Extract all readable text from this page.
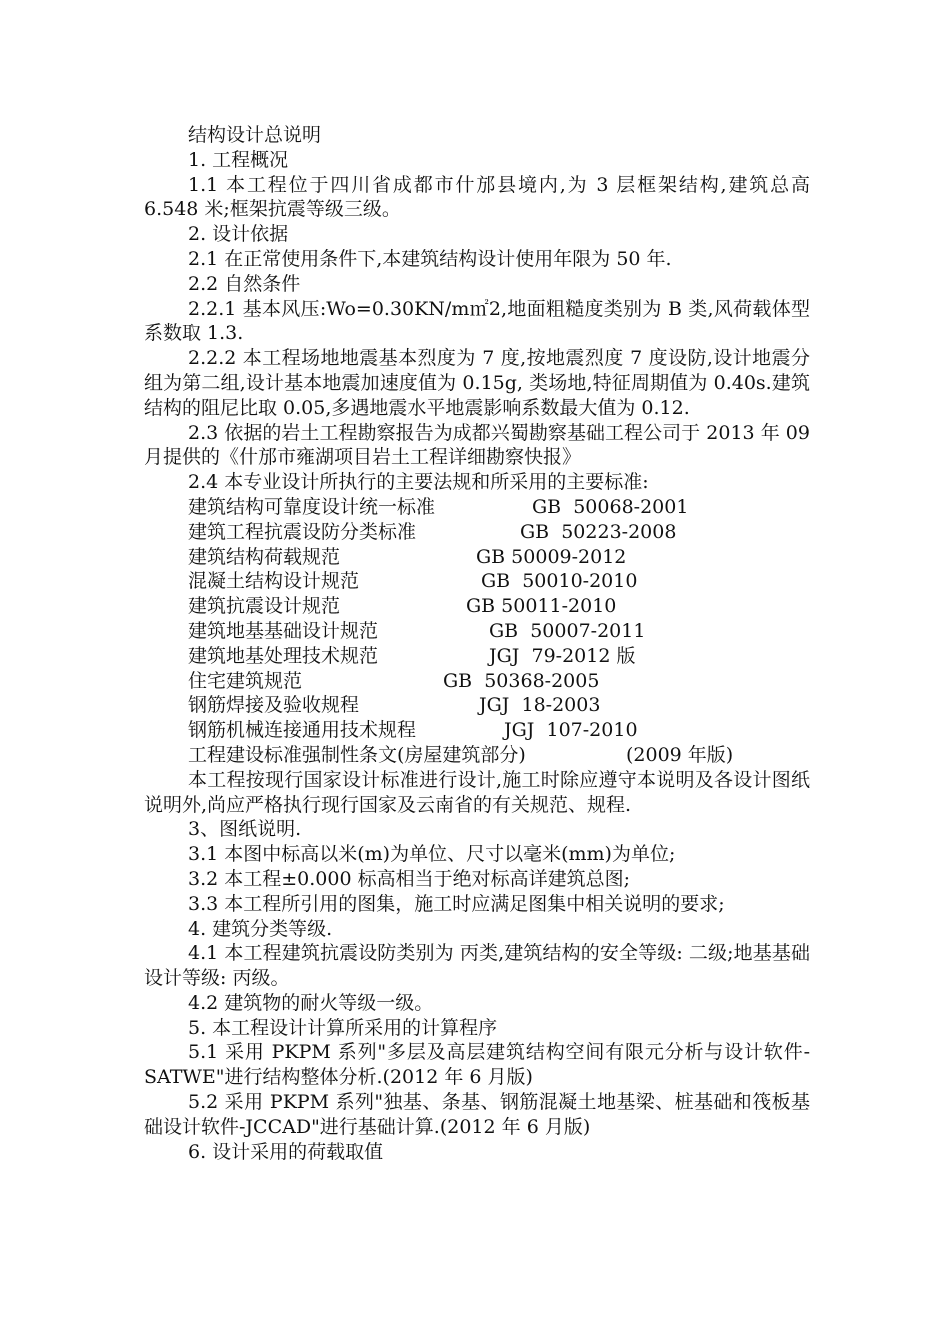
结构设计总说明

1. 工程概况

1.1 本工程位于四川省成都市什邡县境内,为 3 层框架结构,建筑总高 6.548 米;框架抗震等级三级。

2. 设计依据

2.1 在正常使用条件下,本建筑结构设计使用年限为 50 年.

2.2 自然条件

2.2.1 基本风压:Wo=0.30KN/m㎡2,地面粗糙度类别为 B 类,风荷载体型系数取 1.3.

2.2.2 本工程场地地震基本烈度为 7 度,按地震烈度 7 度设防,设计地震分组为第二组,设计基本地震加速度值为 0.15g, 类场地,特征周期值为 0.40s.建筑结构的阻尼比取 0.05,多遇地震水平地震影响系数最大值为 0.12.

2.3 依据的岩土工程勘察报告为成都兴蜀勘察基础工程公司于 2013 年 09 月提供的《什邡市雍湖项目岩土工程详细勘察快报》

2.4 本专业设计所执行的主要法规和所采用的主要标准:

建筑结构可靠度设计统一标准	GB  50068-2001
建筑工程抗震设防分类标准	GB  50223-2008
建筑结构荷载规范	GB 50009-2012
混凝土结构设计规范	GB  50010-2010
建筑抗震设计规范	GB 50011-2010
建筑地基基础设计规范	GB  50007-2011
建筑地基处理技术规范	JGJ  79-2012 版
住宅建筑规范	GB  50368-2005
钢筋焊接及验收规程	JGJ  18-2003
钢筋机械连接通用技术规程	JGJ  107-2010
工程建设标准强制性条文(房屋建筑部分)	(2009 年版)

本工程按现行国家设计标准进行设计,施工时除应遵守本说明及各设计图纸说明外,尚应严格执行现行国家及云南省的有关规范、规程.

3、图纸说明.

3.1 本图中标高以米(m)为单位、尺寸以毫米(mm)为单位;

3.2 本工程±0.000 标高相当于绝对标高详建筑总图;

3.3 本工程所引用的图集，施工时应满足图集中相关说明的要求;

4. 建筑分类等级.

4.1 本工程建筑抗震设防类别为 丙类,建筑结构的安全等级: 二级;地基基础设计等级: 丙级。

4.2 建筑物的耐火等级一级。

5. 本工程设计计算所采用的计算程序

5.1 采用 PKPM 系列"多层及高层建筑结构空间有限元分析与设计软件-SATWE"进行结构整体分析.(2012 年 6 月版)

5.2 采用 PKPM 系列"独基、条基、钢筋混凝土地基梁、桩基础和筏板基础设计软件-JCCAD"进行基础计算.(2012 年 6 月版)

6. 设计采用的荷载取值
